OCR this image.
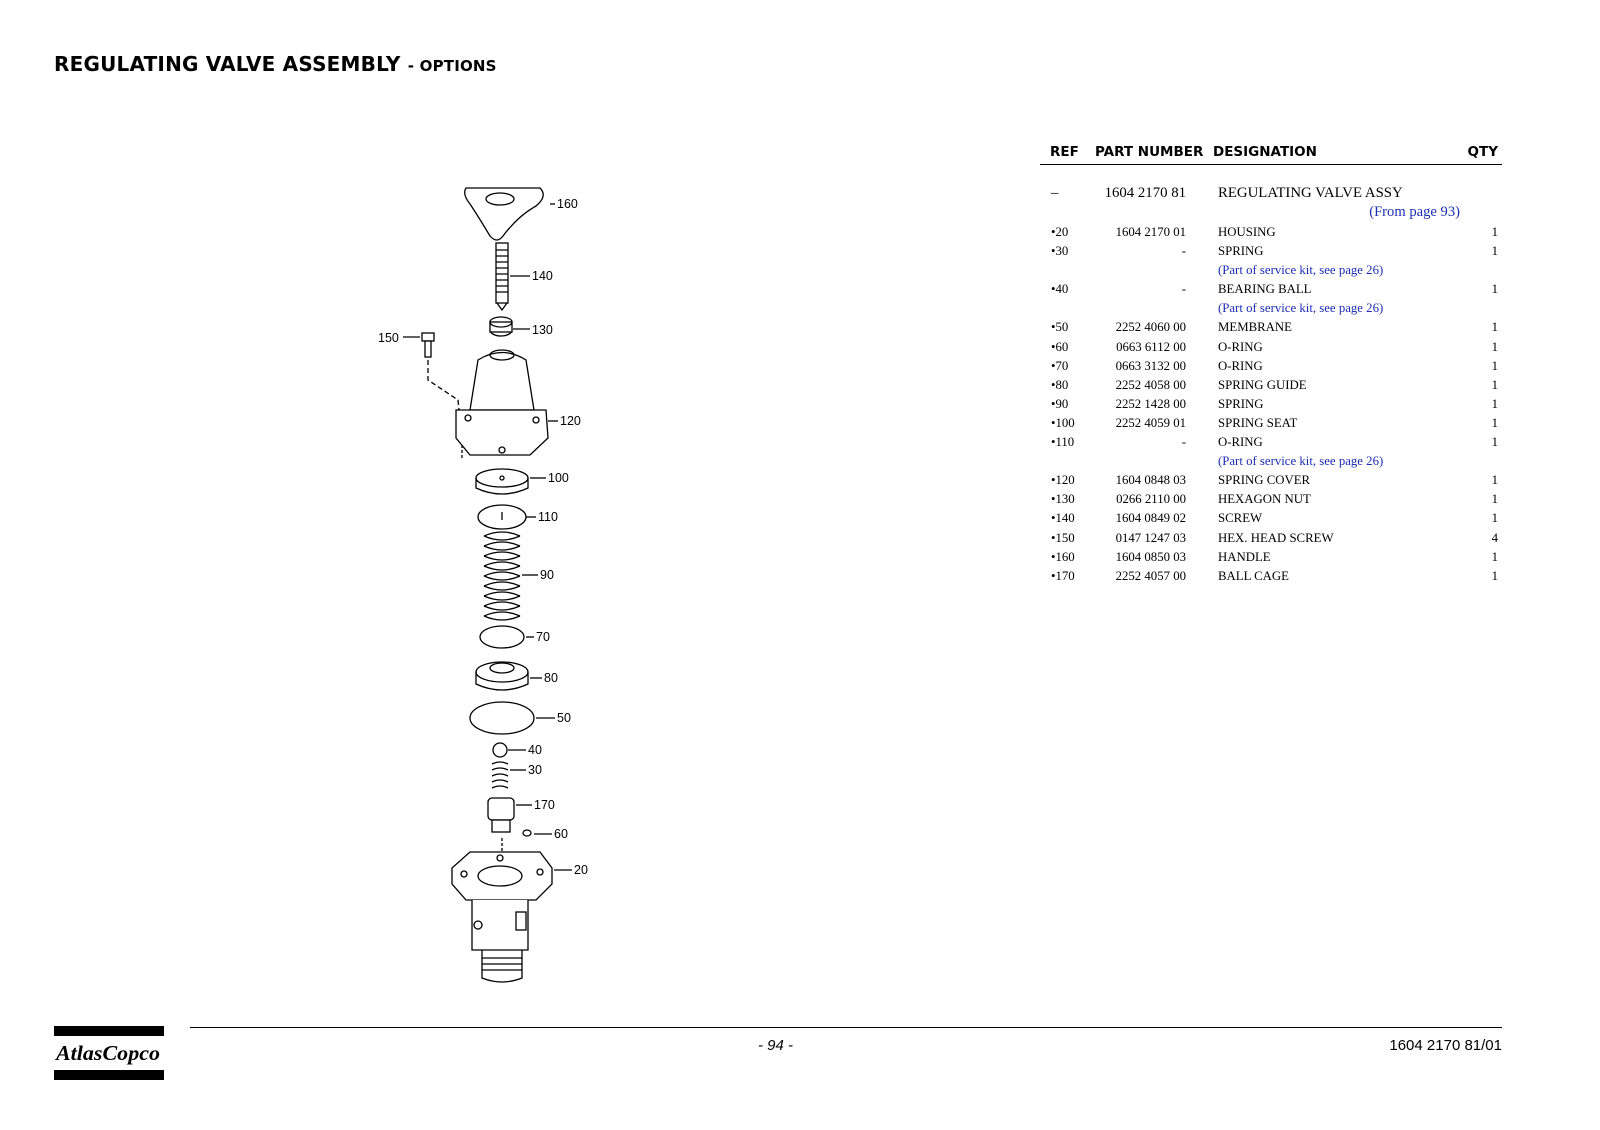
REGULATING VALVE ASSEMBLY - OPTIONS
160
140
130
150
120
100
110
90
70
80
50
40
30
170
60
20
REF PART NUMBER DESIGNATION	QTY
–	1604 2170 81 REGULATING VALVE ASSY
(From page 93)
•20	1604 2170 01	HOUSING	1
•30	-	SPRING	1
(Part of service kit, see page 26)
•40	-	BEARING BALL	1
(Part of service kit, see page 26)
•50	2252 4060 00	MEMBRANE	1
•60	0663 6112 00	O-RING	1
•70	0663 3132 00	O-RING	1
•80	2252 4058 00	SPRING GUIDE	1
•90	2252 1428 00	SPRING	1
•100	2252 4059 01	SPRING SEAT	1
•110	-	O-RING	1
(Part of service kit, see page 26)
•120	1604 0848 03	SPRING COVER	1
•130	0266 2110 00	HEXAGON NUT	1
•140	1604 0849 02	SCREW	1
•150	0147 1247 03	HEX. HEAD SCREW	4
•160	1604 0850 03	HANDLE	1
•170	2252 4057 00	BALL CAGE	1
AtlasCopco	- 94 -	1604 2170 81/01
